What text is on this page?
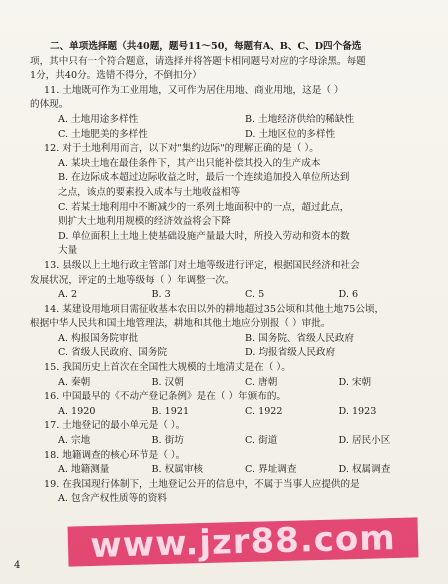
二、单项选择题（共40题，题号11～50，每题有A、B、C、D四个备选
项，其中只有一个符合题意，请选择并将答题卡相同题号对应的字母涂黑。每题
1分，共40分。选错不得分，不倒扣分）
11. 土地既可作为工业用地，又可作为居住用地、商业用地，这是（ ）
的体现。
A. 土地用途多样性	B. 土地经济供给的稀缺性
C. 土地肥美的多样性	D. 土地区位的多样性
12. 对于土地利用而言，以下对"集约边际"的理解正确的是（ ）。
A. 某块土地在最佳条件下，其产出只能补偿其投入的生产成本
B. 在边际成本超过边际收益之时，最后一个连续追加投入单位所达到
之点，该点的要素投入成本与土地收益相等
C. 若某土地利用中不断减少的一系列土地面积中的一点，超过此点，
则扩大土地利用规模的经济效益将会下降
D. 单位面积上土地上使基础设施产量最大时，所投入劳动和资本的数
大量
13. 县级以上土地行政主管部门对土地等级进行评定，根据国民经济和社会
发展状况，评定的土地等级每（ ）年调整一次。
A. 2	B. 3	C. 5	D. 6
14. 某建设用地项目需征收基本农田以外的耕地超过35公顷和其他土地75公顷，
根据中华人民共和国土地管理法，耕地和其他土地应分别报（ ）审批。
A. 构报国务院审批	B. 国务院、省级人民政府
C. 省级人民政府、国务院	D. 均报省级人民政府
15. 我国历史上首次在全国性大规模的土地清丈是在（ ）。
A. 秦朝	B. 汉朝	C. 唐朝	D. 宋朝
16. 中国最早的《不动产登记条例》是在（ ）年颁布的。
A. 1920	B. 1921	C. 1922	D. 1923
17. 土地登记的最小单元是（ ）。
A. 宗地	B. 街坊	C. 街道	D. 居民小区
18. 地籍调查的核心环节是（ ）。
A. 地籍测量	B. 权属审核	C. 界址调查	D. 权属调查
19. 在我国现行体制下，土地登记公开的信息中，不属于当事人应提供的是
A. 包含产权性质等的资料
www.jzr88.com
4
